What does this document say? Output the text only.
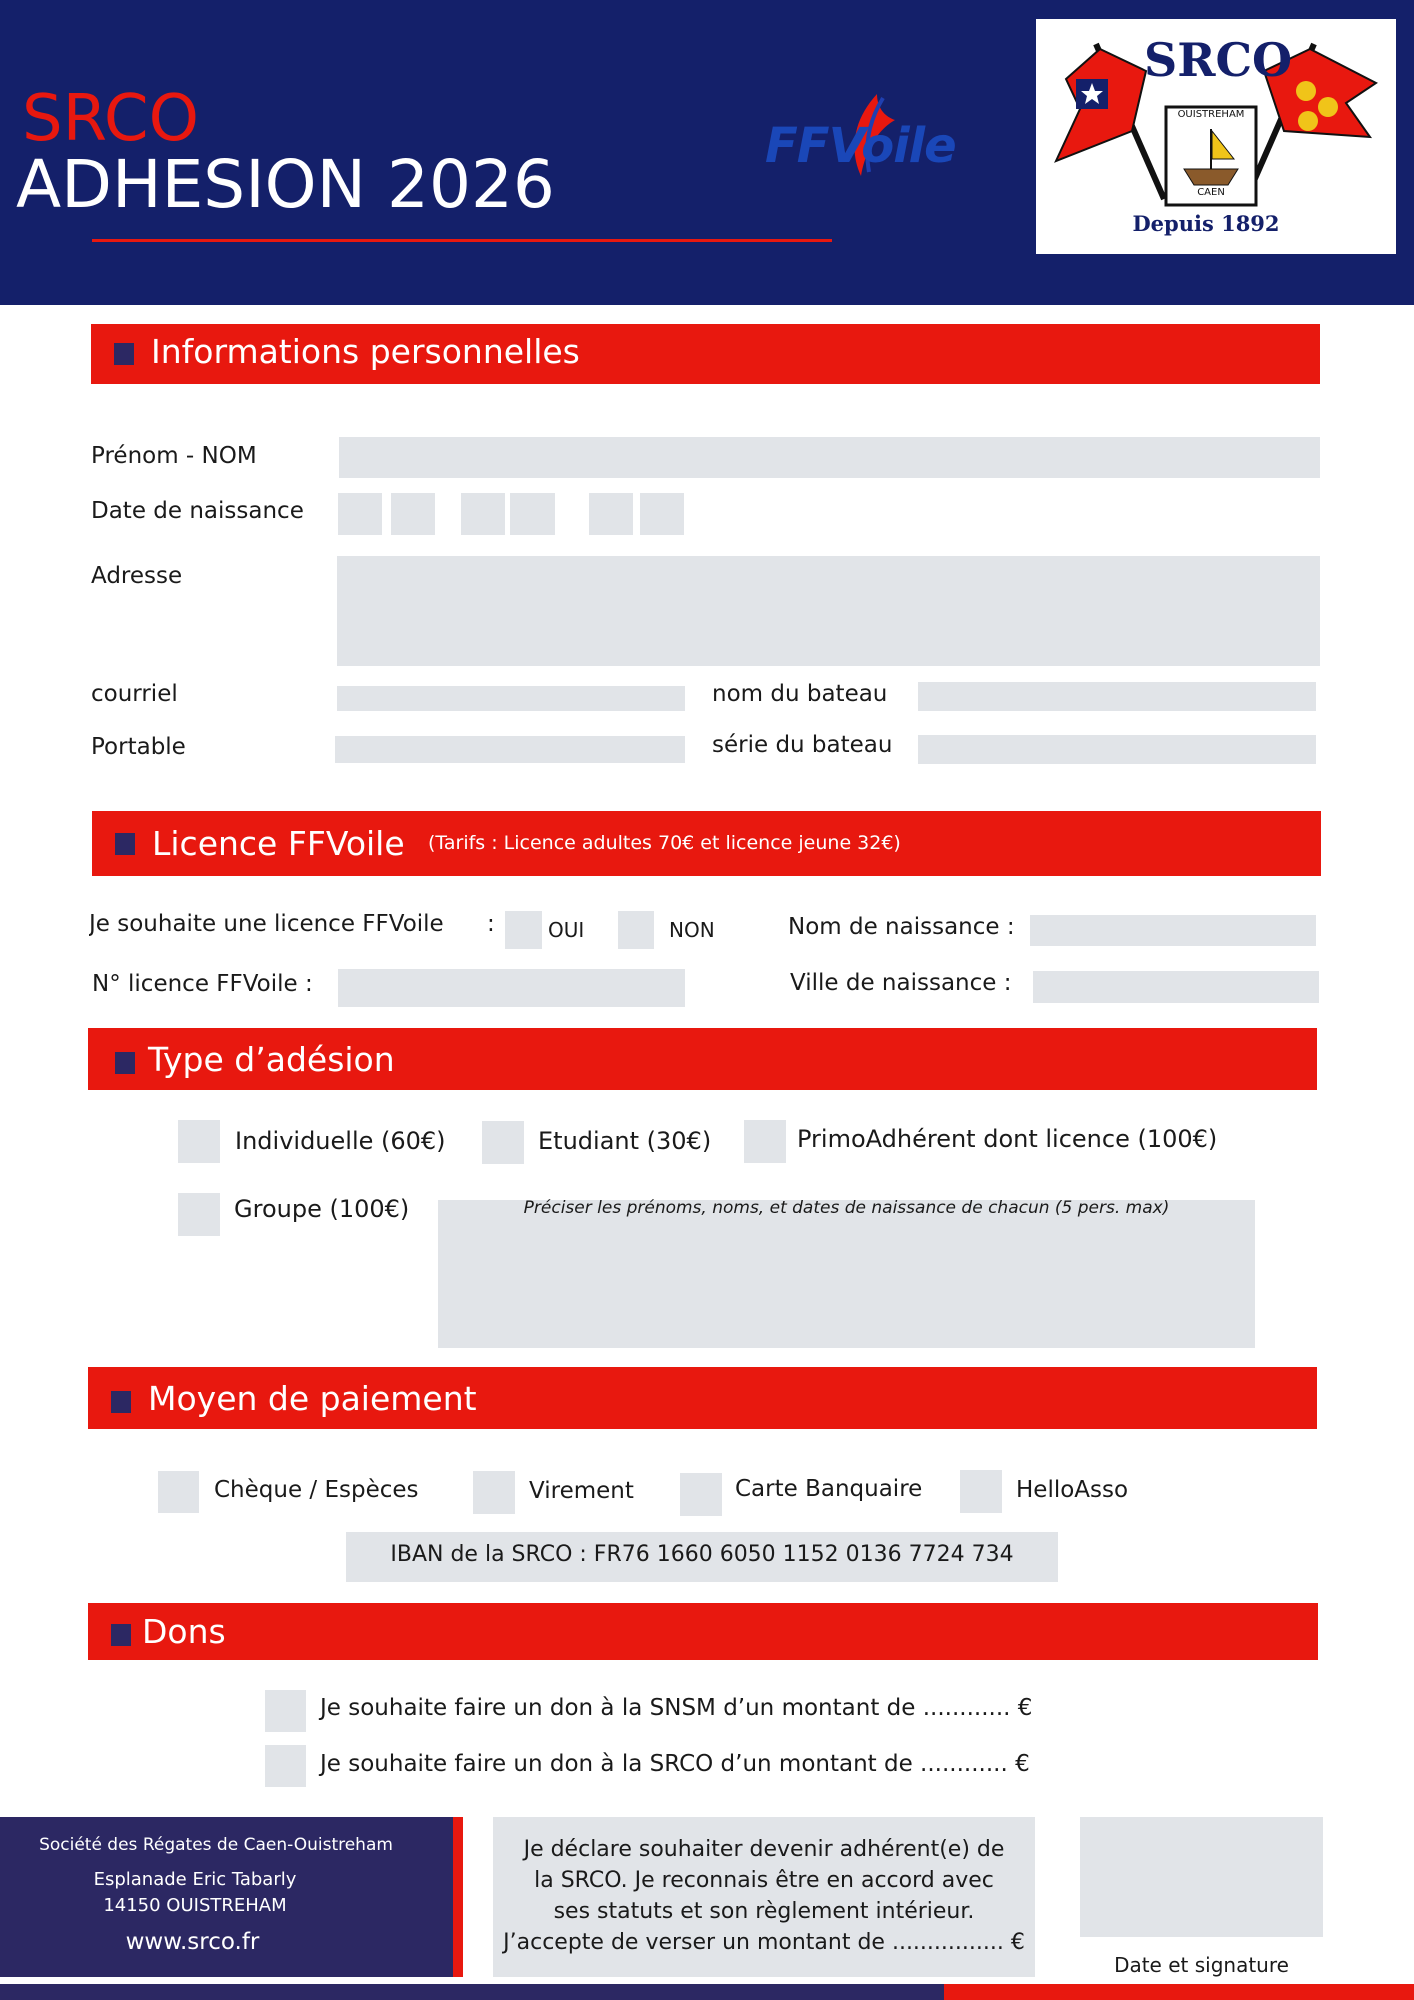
SRCO
ADHESION 2026	FFVoile
SRCO
OUISTREHAM
CAEN
Depuis 1892
Informations personnelles
Prénom - NOM
Date de naissance
Adresse
courriel	nom du bateau
Portable	série du bateau
Licence FFVoile (Tarifs : Licence adultes 70€ et licence jeune 32€)
Je souhaite une licence FFVoile	:	OUI	NON	Nom de naissance :
N° licence FFVoile :	Ville de naissance :
Type d’adésion
Individuelle (60€)	Etudiant (30€)	PrimoAdhérent dont licence (100€)
Groupe (100€)	Préciser les prénoms, noms, et dates de naissance de chacun (5 pers. max)
Moyen de paiement
Chèque / Espèces	Virement	Carte Banquaire	HelloAsso
IBAN de la SRCO : FR76 1660 6050 1152 0136 7724 734
Dons
Je souhaite faire un don à la SNSM d’un montant de ............ €
Je souhaite faire un don à la SRCO d’un montant de ............ €
Société des Régates de Caen-Ouistreham
Esplanade Eric Tabarly
14150 OUISTREHAM
www.srco.fr
Je déclare souhaiter devenir adhérent(e) de
la SRCO. Je reconnais être en accord avec
ses statuts et son règlement intérieur.
J’accepte de verser un montant de ................ €
Date et signature
